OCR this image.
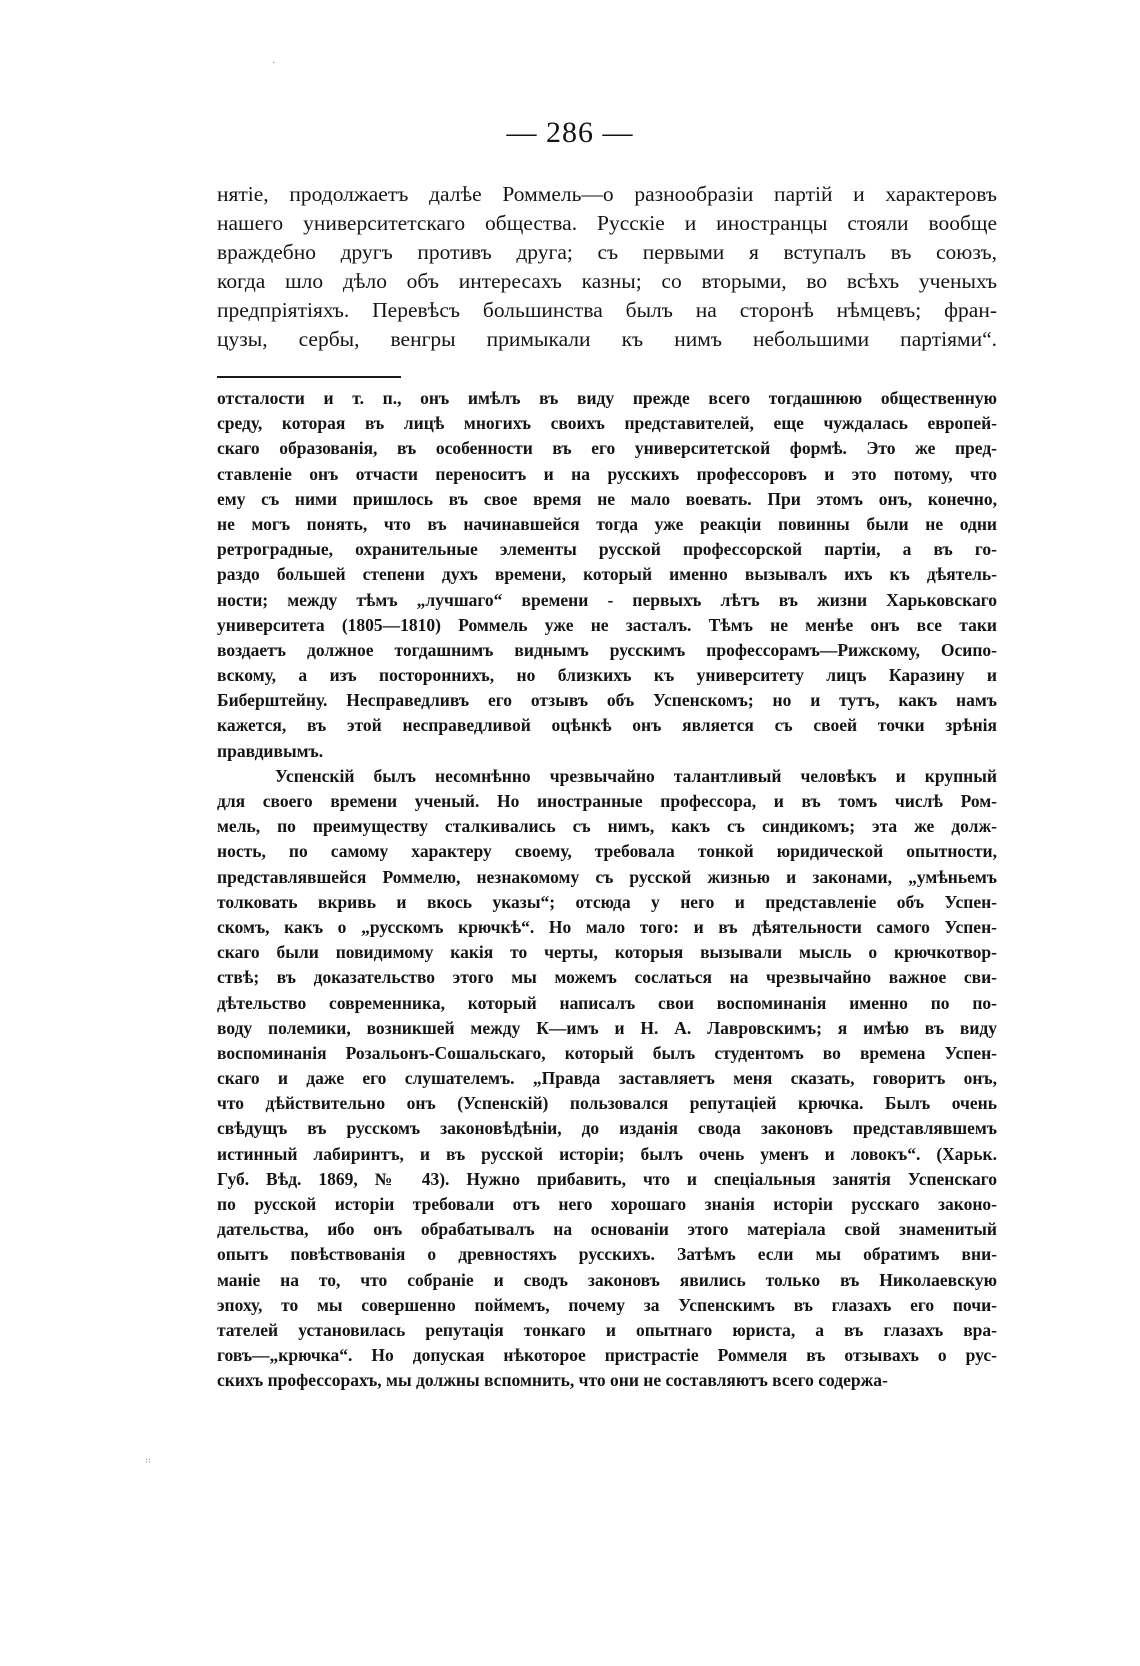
·
— 286 —
нятіе, продолжаетъ далѣе Роммель—о разнообразіи партій и характеровъ
нашего университетскаго общества. Русскіе и иностранцы стояли вообще
враждебно другъ противъ друга; съ первыми я вступалъ въ союзъ,
когда шло дѣло объ интересахъ казны; со вторыми, во всѣхъ ученыхъ
предпріятіяхъ. Перевѣсъ большинства былъ на сторонѣ нѣмцевъ; фран-
цузы, сербы, венгры примыкали къ нимъ небольшими партіями“.
отсталости и т. п., онъ имѣлъ въ виду прежде всего тогдашнюю общественную
среду, которая въ лицѣ многихъ своихъ представителей, еще чуждалась европей-
скаго образованія, въ особенности въ его университетской формѣ. Это же пред-
ставленіе онъ отчасти переноситъ и на русскихъ профессоровъ и это потому, что
ему съ ними пришлось въ свое время не мало воевать. При этомъ онъ, конечно,
не могъ понять, что въ начинавшейся тогда уже реакціи повинны были не одни
ретроградные, охранительные элементы русской профессорской партіи, а въ го-
раздо большей степени духъ времени, который именно вызывалъ ихъ къ дѣятель-
ности; между тѣмъ „лучшаго“ времени - первыхъ лѣтъ въ жизни Харьковскаго
университета (1805—1810) Роммель уже не засталъ. Тѣмъ не менѣе онъ все таки
воздаетъ должное тогдашнимъ виднымъ русскимъ профессорамъ—Рижскому, Осипо-
вскому, а изъ постороннихъ, но близкихъ къ университету лицъ Каразину и
Биберштейну. Несправедливъ его отзывъ объ Успенскомъ; но и тутъ, какъ намъ
кажется, въ этой несправедливой оцѣнкѣ онъ является съ своей точки зрѣнія
правдивымъ.
Успенскій былъ несомнѣнно чрезвычайно талантливый человѣкъ и крупный
для своего времени ученый. Но иностранные профессора, и въ томъ числѣ Ром-
мель, по преимуществу сталкивались съ нимъ, какъ съ синдикомъ; эта же долж-
ность, по самому характеру своему, требовала тонкой юридической опытности,
представлявшейся Роммелю, незнакомому съ русской жизнью и законами, „умѣньемъ
толковать вкривь и вкось указы“; отсюда у него и представленіе объ Успен-
скомъ, какъ о „русскомъ крючкѣ“. Но мало того: и въ дѣятельности самого Успен-
скаго были повидимому какія то черты, которыя вызывали мысль о крючкотвор-
ствѣ; въ доказательство этого мы можемъ сослаться на чрезвычайно важное сви-
дѣтельство современника, который написалъ свои воспоминанія именно по по-
воду полемики, возникшей между К—имъ и Н. А. Лавровскимъ; я имѣю въ виду
воспоминанія Розальонъ-Сошальскаго, который былъ студентомъ во времена Успен-
скаго и даже его слушателемъ. „Правда заставляетъ меня сказать, говоритъ онъ,
что дѣйствительно онъ (Успенскій) пользовался репутаціей крючка. Былъ очень
свѣдущъ въ русскомъ законовѣдѣніи, до изданія свода законовъ представлявшемъ
истинный лабиринтъ, и въ русской исторіи; былъ очень уменъ и ловокъ“. (Харьк.
Губ. Вѣд. 1869, № 43). Нужно прибавить, что и спеціальныя занятія Успенскаго
по русской исторіи требовали отъ него хорошаго знанія исторіи русскаго законо-
дательства, ибо онъ обрабатывалъ на основаніи этого матеріала свой знаменитый
опытъ повѣствованія о древностяхъ русскихъ. Затѣмъ если мы обратимъ вни-
маніе на то, что собраніе и сводъ законовъ явились только въ Николаевскую
эпоху, то мы совершенно поймемъ, почему за Успенскимъ въ глазахъ его почи-
тателей установилась репутація тонкаго и опытнаго юриста, а въ глазахъ вра-
говъ—„крючка“. Но допуская нѣкоторое пристрастіе Роммеля въ отзывахъ о рус-
скихъ профессорахъ, мы должны вспомнить, что они не составляютъ всего содержа-
⁘
